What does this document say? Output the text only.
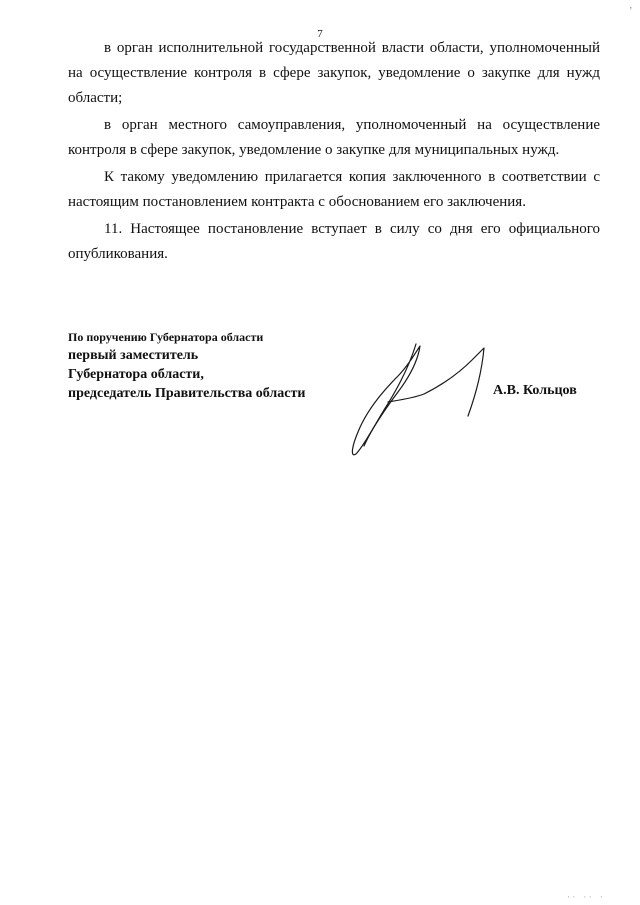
,
7

в орган исполнительной государственной власти области, уполномоченный на осуществление контроля в сфере закупок, уведомление о закупке для нужд области;

в орган местного самоуправления, уполномоченный на осуществление контроля в сфере закупок, уведомление о закупке для муниципальных нужд.

К такому уведомлению прилагается копия заключенного в соответствии с настоящим постановлением контракта с обоснованием его заключения.

11. Настоящее постановление вступает в силу со дня его официального опубликования.

По поручению Губернатора области
первый заместитель
Губернатора области,
председатель Правительства области	А.В. Кольцов
'' '' '
